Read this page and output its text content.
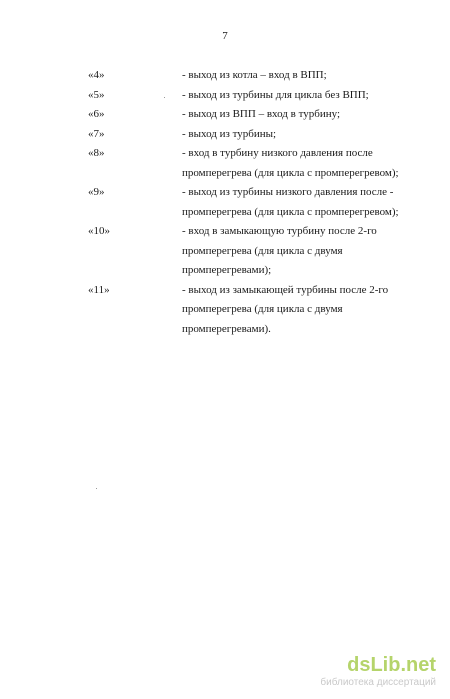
7
«4»	- выход из котла – вход в ВПП;
«5»	- выход из турбины для цикла без ВПП;
«6»	- выход из ВПП – вход в турбину;
«7»	- выход из турбины;
«8»	- вход в турбину низкого давления после
промперегрева (для цикла с промперегревом);
«9»	- выход из турбины низкого давления после -
промперегрева (для цикла с промперегревом);
«10»	- вход в замыкающую турбину после 2-го
промперегрева (для цикла с двумя
промперегревами);
«11»	- выход из замыкающей турбины после 2-го
промперегрева (для цикла с двумя
промперегревами).
dsLib.net
библиотека диссертаций
